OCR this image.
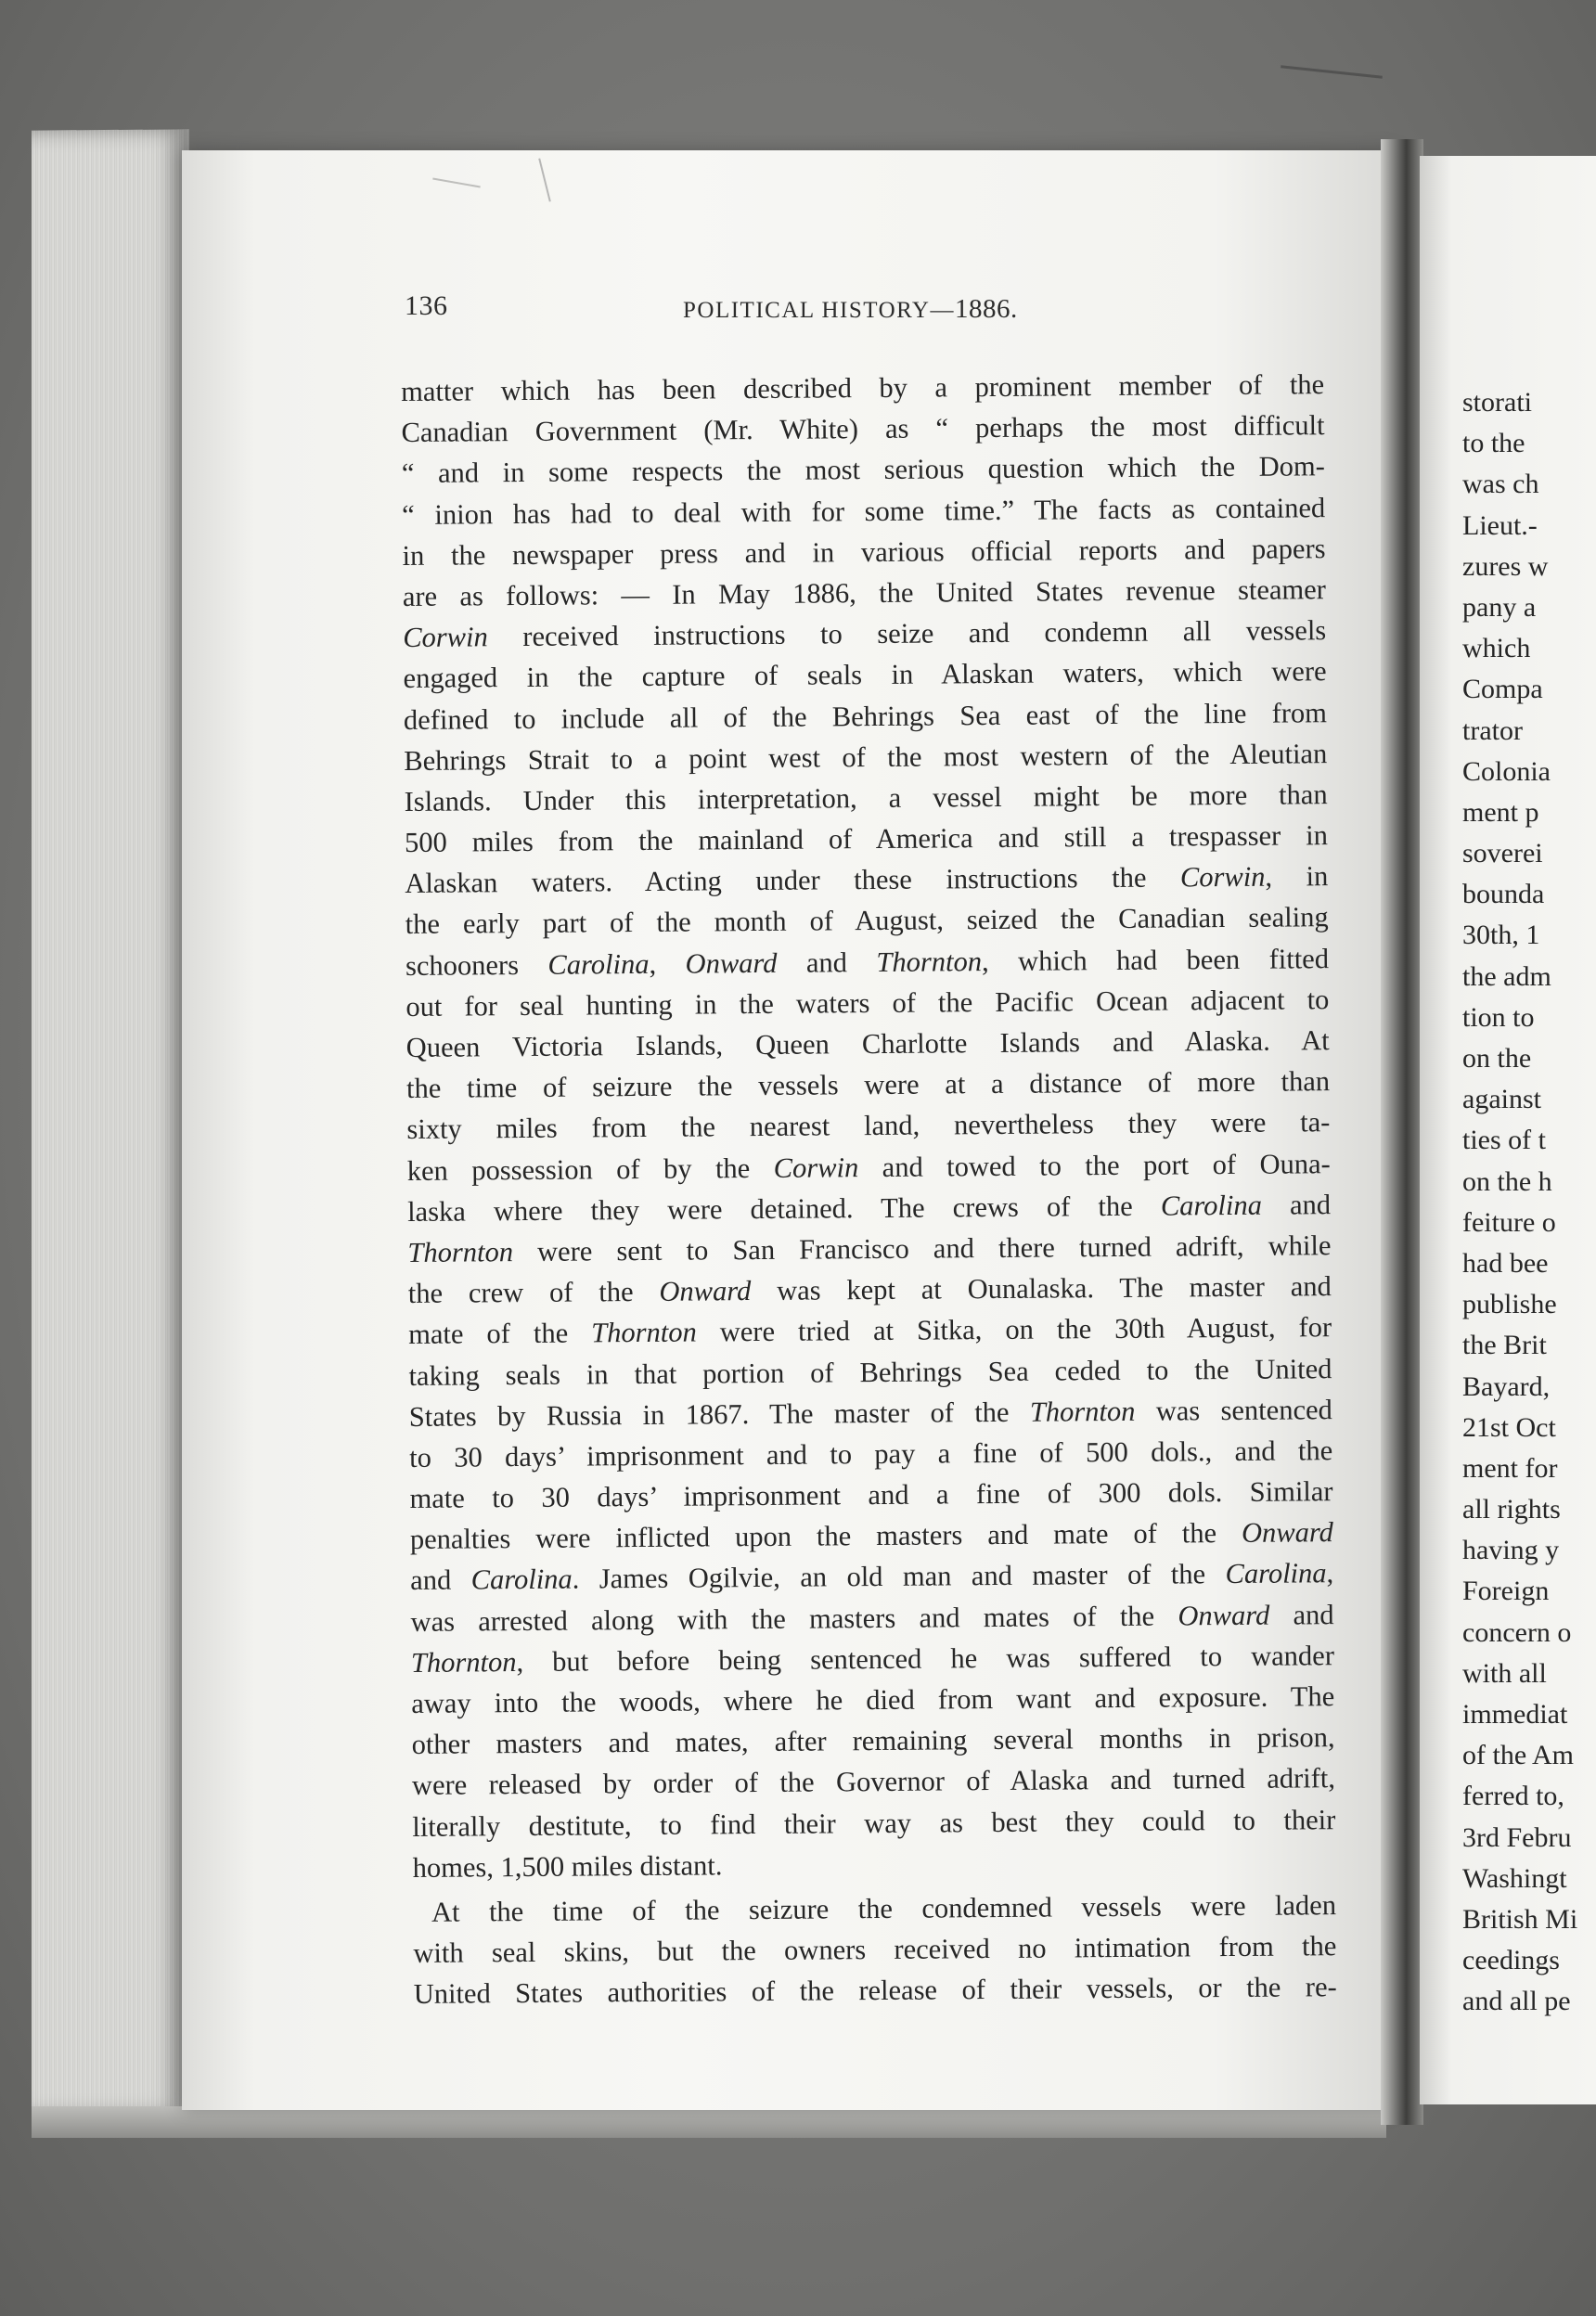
136	POLITICAL HISTORY—1886.
matter which has been described by a prominent member of the
Canadian Government (Mr. White) as “ perhaps the most difficult
“ and in some respects the most serious question which the Dom-
“ inion has had to deal with for some time.” The facts as contained
in the newspaper press and in various official reports and papers
are as follows: — In May 1886, the United States revenue steamer
Corwin received instructions to seize and condemn all vessels
engaged in the capture of seals in Alaskan waters, which were
defined to include all of the Behrings Sea east of the line from
Behrings Strait to a point west of the most western of the Aleutian
Islands. Under this interpretation, a vessel might be more than
500 miles from the mainland of America and still a trespasser in
Alaskan waters. Acting under these instructions the Corwin, in
the early part of the month of August, seized the Canadian sealing
schooners Carolina, Onward and Thornton, which had been fitted
out for seal hunting in the waters of the Pacific Ocean adjacent to
Queen Victoria Islands, Queen Charlotte Islands and Alaska. At
the time of seizure the vessels were at a distance of more than
sixty miles from the nearest land, nevertheless they were ta-
ken possession of by the Corwin and towed to the port of Ouna-
laska where they were detained. The crews of the Carolina and
Thornton were sent to San Francisco and there turned adrift, while
the crew of the Onward was kept at Ounalaska. The master and
mate of the Thornton were tried at Sitka, on the 30th August, for
taking seals in that portion of Behrings Sea ceded to the United
States by Russia in 1867. The master of the Thornton was sentenced
to 30 days’ imprisonment and to pay a fine of 500 dols., and the
mate to 30 days’ imprisonment and a fine of 300 dols. Similar
penalties were inflicted upon the masters and mate of the Onward
and Carolina. James Ogilvie, an old man and master of the Carolina,
was arrested along with the masters and mates of the Onward and
Thornton, but before being sentenced he was suffered to wander
away into the woods, where he died from want and exposure. The
other masters and mates, after remaining several months in prison,
were released by order of the Governor of Alaska and turned adrift,
literally destitute, to find their way as best they could to their
homes, 1,500 miles distant.
At the time of the seizure the condemned vessels were laden
with seal skins, but the owners received no intimation from the
United States authorities of the release of their vessels, or the re-
storati
to the
was ch
Lieut.-
zures w
pany a
which
Compa
trator
Colonia
ment p
soverei
bounda
30th, 1
the adm
tion to
on the
against
ties of t
on the h
feiture o
had bee
publishe
the Brit
Bayard,
21st Oct
ment for
all rights
having y
Foreign
concern o
with all
immediat
of the Am
ferred to,
3rd Febru
Washingt
British Mi
ceedings
and all pe
